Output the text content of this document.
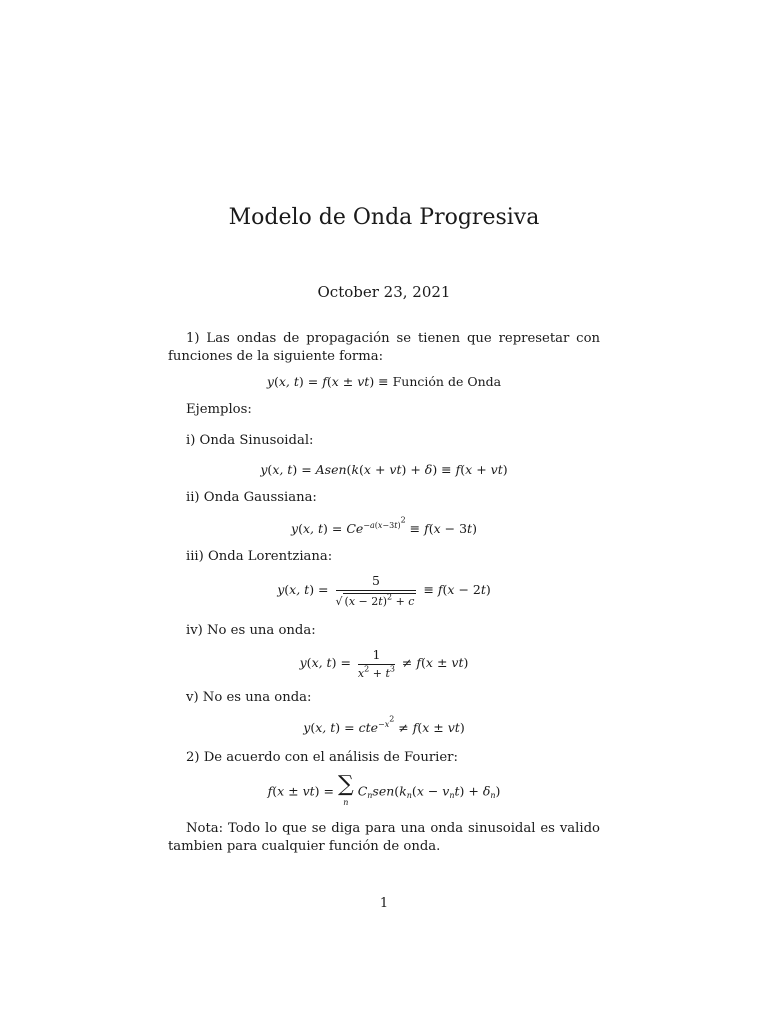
Modelo de Onda Progresiva
October 23, 2021
1) Las ondas de propagación se tienen que represetar con funciones de la siguiente forma:
y(x, t) = f(x ± vt) ≡ Función de Onda
Ejemplos:
i) Onda Sinusoidal:
y(x, t) = Asen(k(x + vt) + δ) ≡ f(x + vt)
ii) Onda Gaussiana:
y(x, $t) = Ce^{-a(x-3t)^2} \equiv f(x - 3t)$
iii) Onda Lorentziana:
y(x, $t) = \frac{5}{√ (x - 2t)^2 + c} \equiv f(x - 2t)$
iv) No es una onda:
y(x, $t) = \frac{1}{x^2 + t^3} \ne f(x \pm vt)$
v) No es una onda:
y(x, t) = cte$^{-x^2}$ ≠ f(x ± vt)
2) De acuerdo con el análisis de Fourier:
f(x ± vt) = ∑
n
$C_nsen(k_n(x - v_nt) + \delta_n)$
Nota: Todo lo que se diga para una onda sinusoidal es valido tambien para cualquier función de onda.
1
